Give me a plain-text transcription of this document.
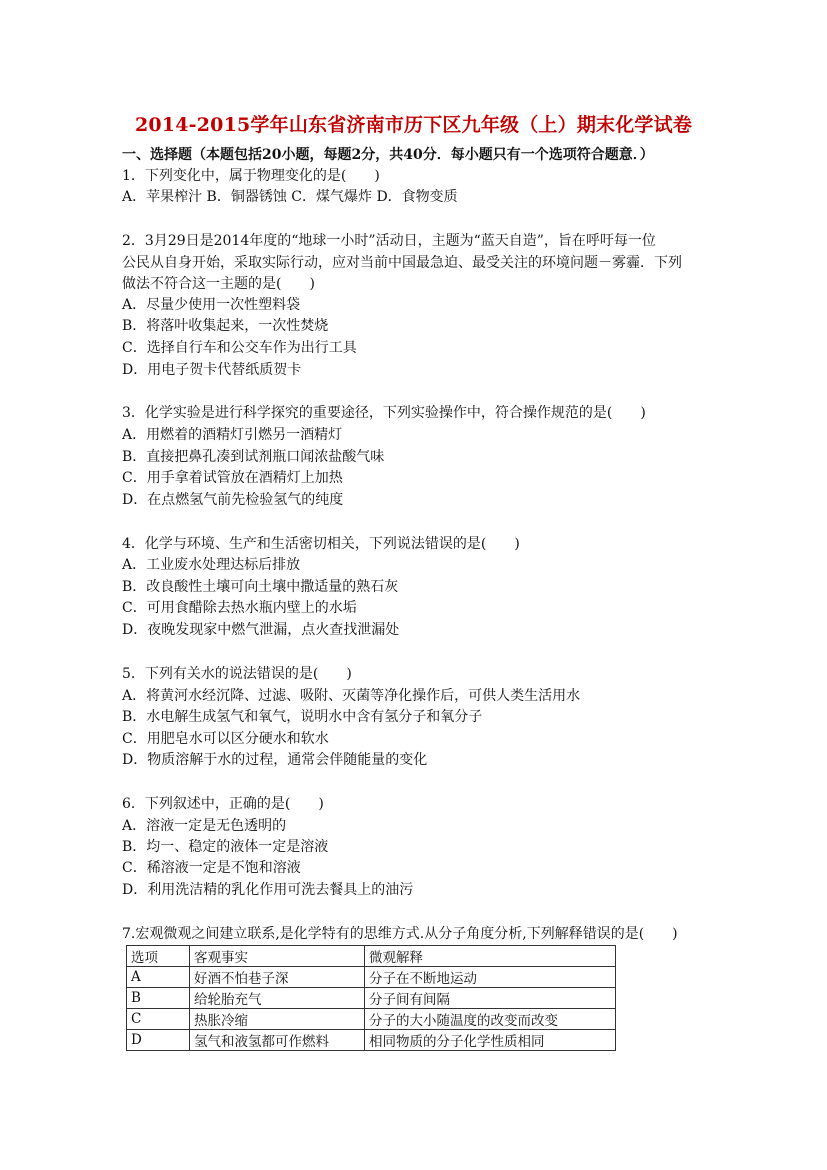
2014-2015学年山东省济南市历下区九年级（上）期末化学试卷
一、选择题（本题包括20小题，每题2分，共40分．每小题只有一个选项符合题意．）
1．下列变化中，属于物理变化的是(　　)
A．苹果榨汁 B．铜器锈蚀 C．煤气爆炸 D．食物变质
2．3月29日是2014年度的“地球一小时”活动日，主题为“蓝天自造”，旨在呼吁每一位
公民从自身开始，采取实际行动，应对当前中国最急迫、最受关注的环境问题－雾霾．下列
做法不符合这一主题的是(　　)
A．尽量少使用一次性塑料袋
B．将落叶收集起来，一次性焚烧
C．选择自行车和公交车作为出行工具
D．用电子贺卡代替纸质贺卡
3．化学实验是进行科学探究的重要途径，下列实验操作中，符合操作规范的是(　　)
A．用燃着的酒精灯引燃另一酒精灯
B．直接把鼻孔凑到试剂瓶口闻浓盐酸气味
C．用手拿着试管放在酒精灯上加热
D．在点燃氢气前先检验氢气的纯度
4．化学与环境、生产和生活密切相关，下列说法错误的是(　　)
A．工业废水处理达标后排放
B．改良酸性土壤可向土壤中撒适量的熟石灰
C．可用食醋除去热水瓶内壁上的水垢
D．夜晚发现家中燃气泄漏，点火查找泄漏处
5．下列有关水的说法错误的是(　　)
A．将黄河水经沉降、过滤、吸附、灭菌等净化操作后，可供人类生活用水
B．水电解生成氢气和氧气，说明水中含有氢分子和氧分子
C．用肥皂水可以区分硬水和软水
D．物质溶解于水的过程，通常会伴随能量的变化
6．下列叙述中，正确的是(　　)
A．溶液一定是无色透明的
B．均一、稳定的液体一定是溶液
C．稀溶液一定是不饱和溶液
D．利用洗洁精的乳化作用可洗去餐具上的油污
7.宏观微观之间建立联系,是化学特有的思维方式.从分子角度分析,下列解释错误的是(　　)
选项	客观事实	微观解释
A	好酒不怕巷子深	分子在不断地运动
B	给轮胎充气	分子间有间隔
C	热胀冷缩	分子的大小随温度的改变而改变
D	氢气和液氢都可作燃料	相同物质的分子化学性质相同
